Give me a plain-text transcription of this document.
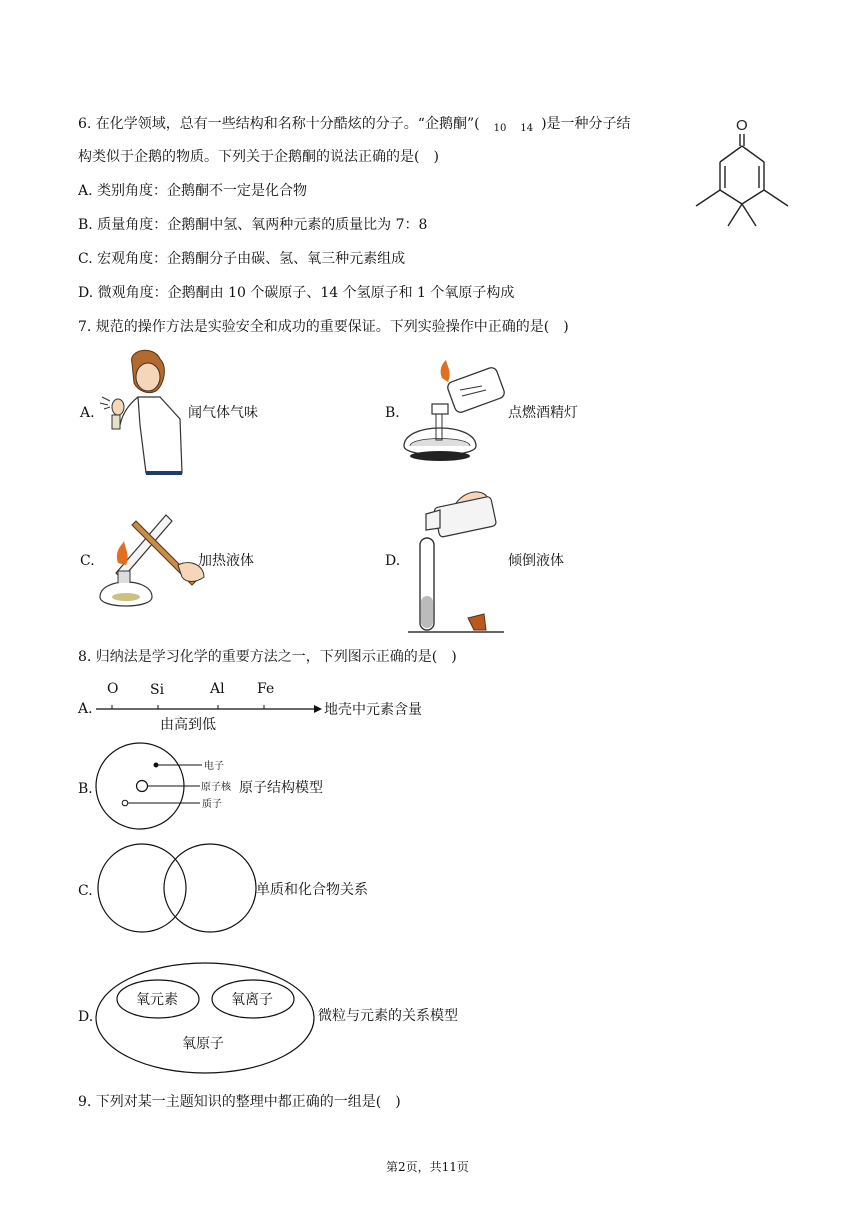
6. 在化学领域，总有一些结构和名称十分酷炫的分子。“企鹅酮”( $_{10}$ $_{14}$ )是一种分子结
构类似于企鹅的物质。下列关于企鹅酮的说法正确的是(　)
A. 类别角度：企鹅酮不一定是化合物
B. 质量角度：企鹅酮中氢、氧两种元素的质量比为 7：8
C. 宏观角度：企鹅酮分子由碳、氢、氧三种元素组成
D. 微观角度：企鹅酮由 10 个碳原子、14 个氢原子和 1 个氧原子构成
O
7. 规范的操作方法是实验安全和成功的重要保证。下列实验操作中正确的是(　)
A.	闻气体气味	B.	点燃酒精灯
C.	加热液体	D.	倾倒液体
8. 归纳法是学习化学的重要方法之一，下列图示正确的是(　)
A.
O Si	Al Fe
由高到低
地壳中元素含量
B.
电子
原子核
质子
原子结构模型
C.	单质和化合物关系
D.
氧元素	氧离子
氧原子
微粒与元素的关系模型
9. 下列对某一主题知识的整理中都正确的一组是(　)
第2页，共11页
